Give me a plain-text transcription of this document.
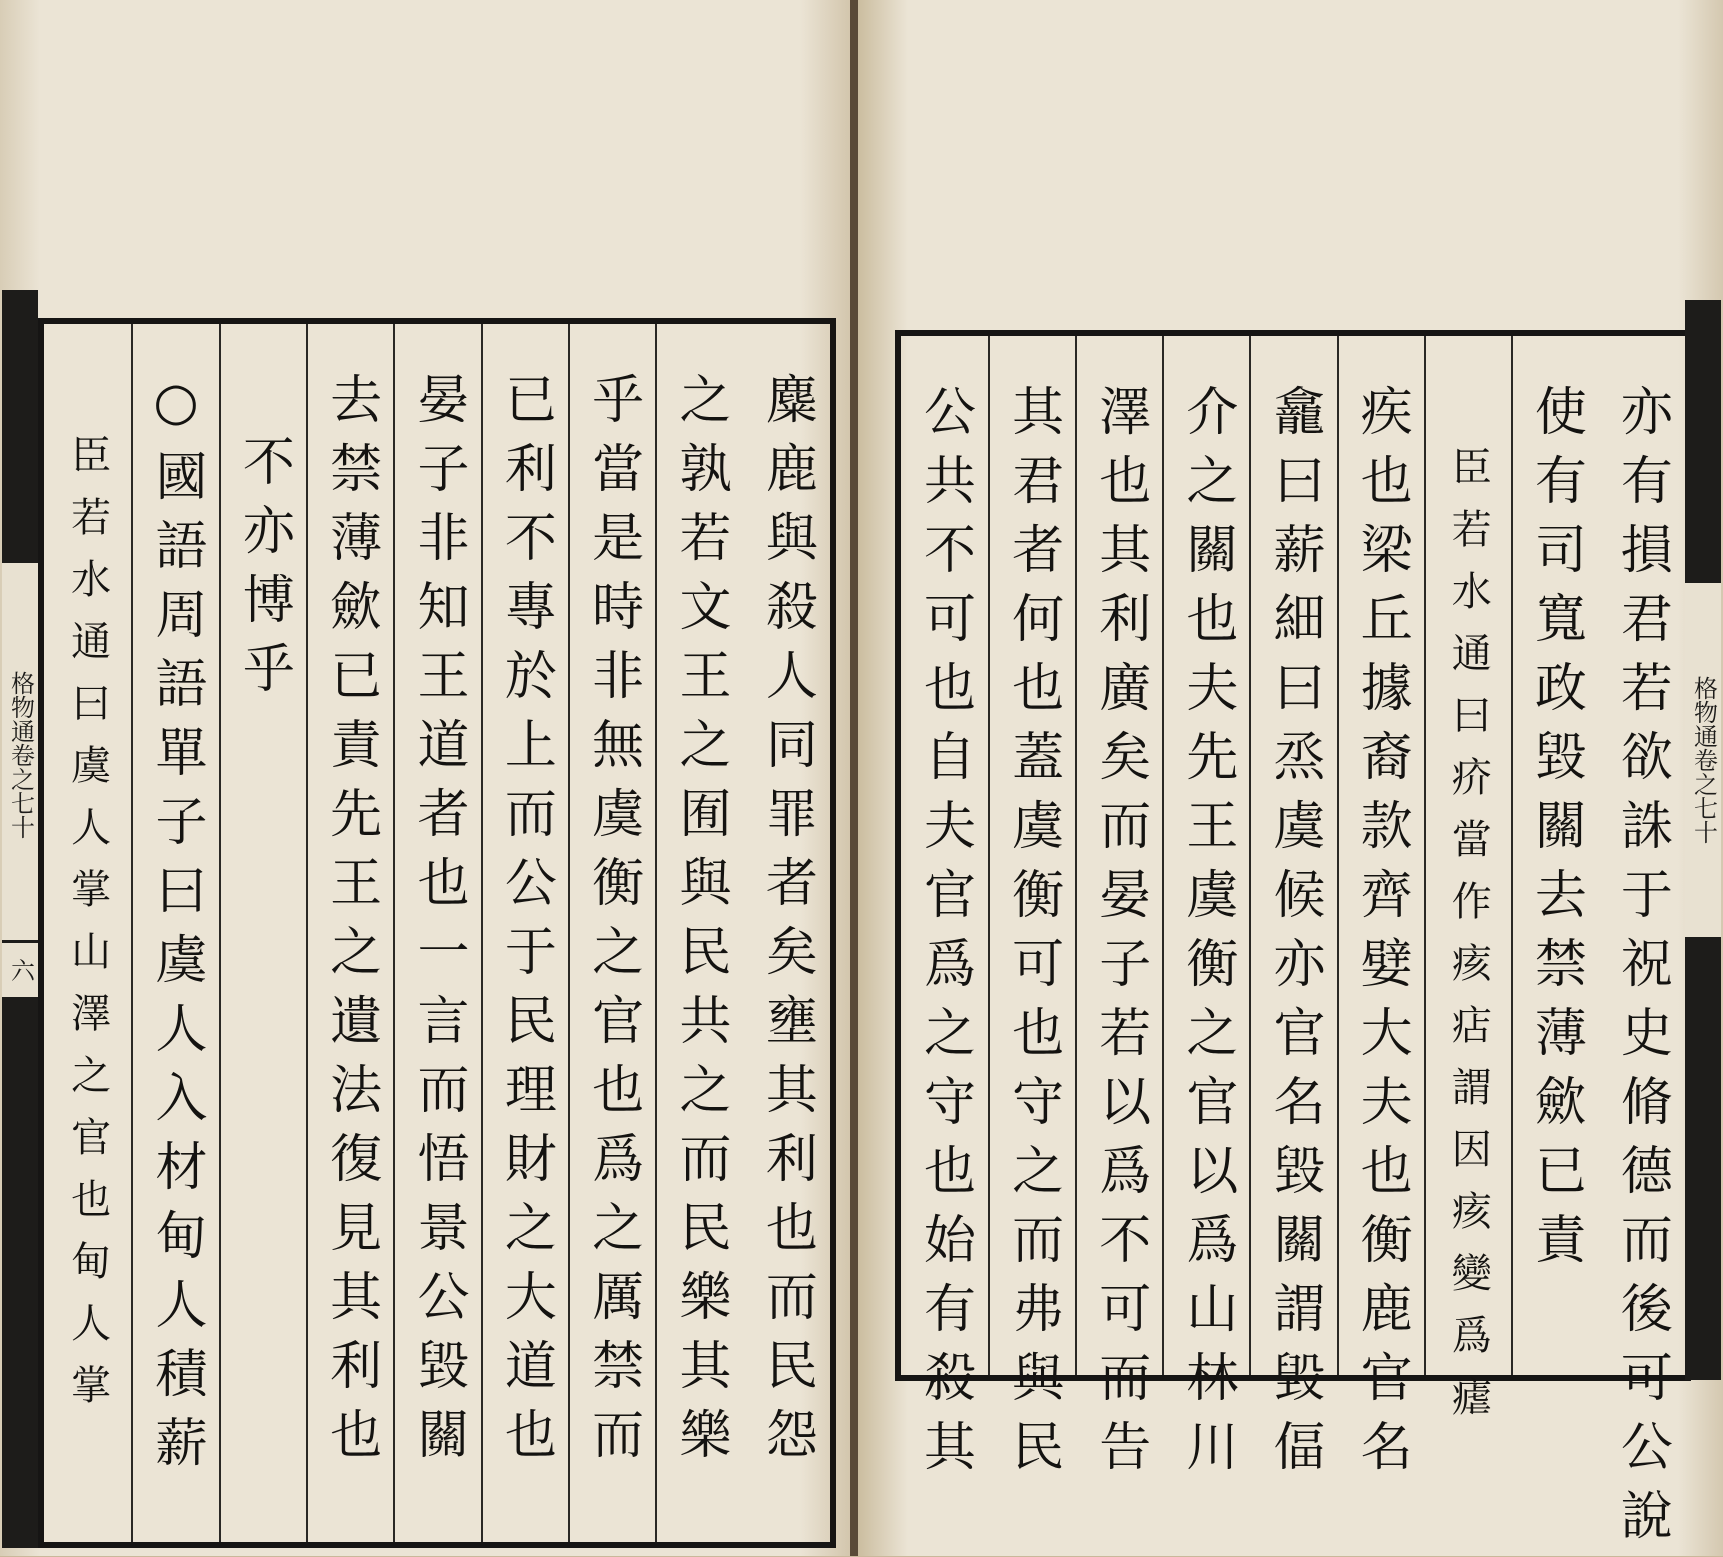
格物通卷之七十
六	麋鹿與殺人同罪者矣壅其利也而民怨
之孰若文王之囿與民共之而民樂其樂
乎當是時非無虞衡之官也爲之厲禁而
已利不專於上而公于民理財之大道也
晏子非知王道者也一言而悟景公毀關
去禁薄歛已責先王之遺法復見其利也
不亦博乎
○國語周語單子曰虞人入材甸人積薪
臣若水通曰虞人掌山澤之官也甸人掌	亦有損君若欲誅于祝史脩德而後可公說
使有司寬政毀關去禁薄歛已責
臣若水通曰疥當作痎痁謂因痎變爲瘧
疾也梁丘據裔款齊嬖大夫也衡鹿官名
龕曰薪細曰烝虞候亦官名毀關謂毀偪
介之關也夫先王虞衡之官以爲山林川
澤也其利廣矣而晏子若以爲不可而告
其君者何也蓋虞衡可也守之而弗與民
公共不可也自夫官爲之守也始有殺其	格物通卷之七十
